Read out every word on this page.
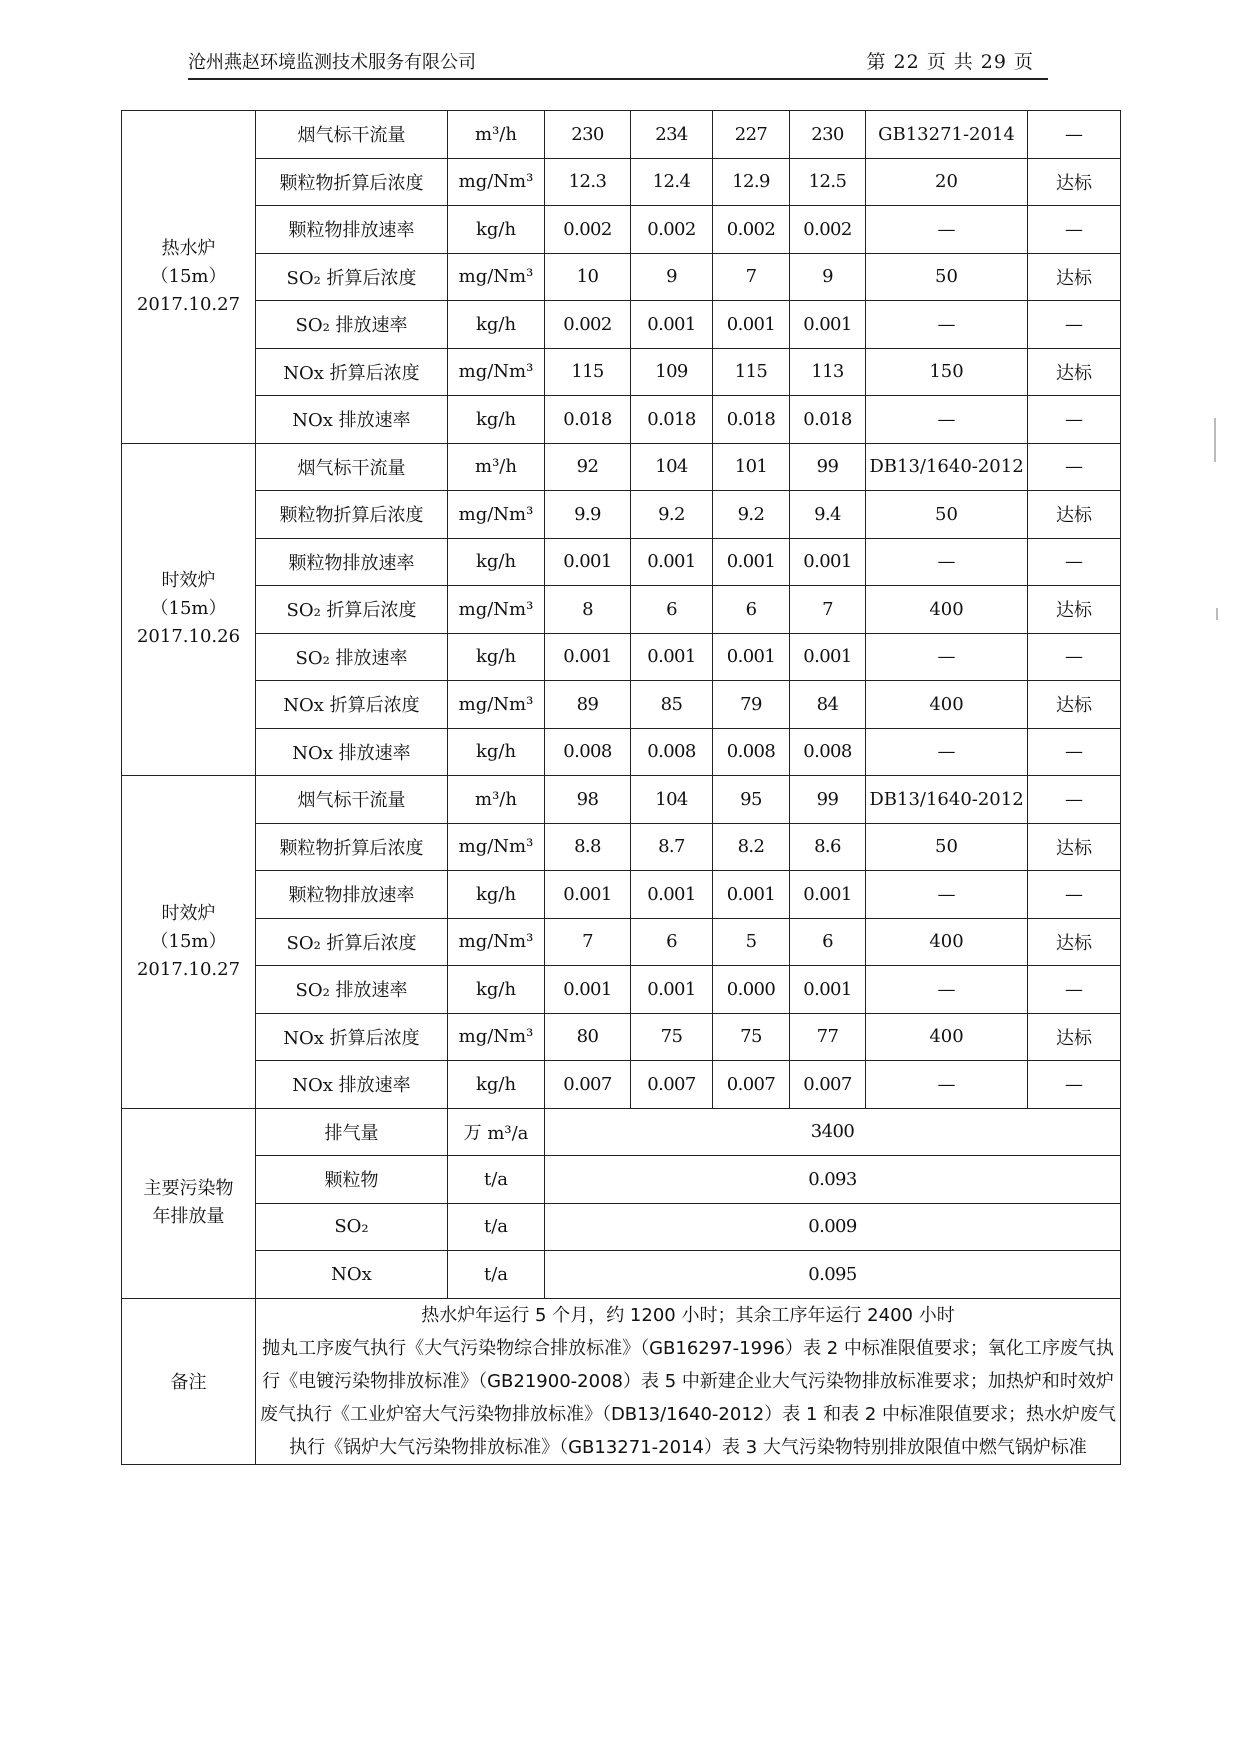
沧州燕赵环境监测技术服务有限公司	第 22 页 共 29 页
热水炉
（15m）
2017.10.27	烟气标干流量	m³/h	230	234	227	230	GB13271-2014	—
	颗粒物折算后浓度	mg/Nm³	12.3	12.4	12.9	12.5	20	达标
	颗粒物排放速率	kg/h	0.002	0.002	0.002	0.002	—	—
	SO₂ 折算后浓度	mg/Nm³	10	9	7	9	50	达标
	SO₂ 排放速率	kg/h	0.002	0.001	0.001	0.001	—	—
	NOx 折算后浓度	mg/Nm³	115	109	115	113	150	达标
	NOx 排放速率	kg/h	0.018	0.018	0.018	0.018	—	—

时效炉
（15m）
2017.10.26	烟气标干流量	m³/h	92	104	101	99	DB13/1640-2012	—
	颗粒物折算后浓度	mg/Nm³	9.9	9.2	9.2	9.4	50	达标
	颗粒物排放速率	kg/h	0.001	0.001	0.001	0.001	—	—
	SO₂ 折算后浓度	mg/Nm³	8	6	6	7	400	达标
	SO₂ 排放速率	kg/h	0.001	0.001	0.001	0.001	—	—
	NOx 折算后浓度	mg/Nm³	89	85	79	84	400	达标
	NOx 排放速率	kg/h	0.008	0.008	0.008	0.008	—	—

时效炉
（15m）
2017.10.27	烟气标干流量	m³/h	98	104	95	99	DB13/1640-2012	—
	颗粒物折算后浓度	mg/Nm³	8.8	8.7	8.2	8.6	50	达标
	颗粒物排放速率	kg/h	0.001	0.001	0.001	0.001	—	—
	SO₂ 折算后浓度	mg/Nm³	7	6	5	6	400	达标
	SO₂ 排放速率	kg/h	0.001	0.001	0.000	0.001	—	—
	NOx 折算后浓度	mg/Nm³	80	75	75	77	400	达标
	NOx 排放速率	kg/h	0.007	0.007	0.007	0.007	—	—

主要污染物
年排放量	排气量	万 m³/a	3400					
	颗粒物	t/a	0.093					
	SO₂	t/a	0.009					
	NOx	t/a	0.095					
备注	热水炉年运行 5 个月，约 1200 小时；其余工序年运行 2400 小时
抛丸工序废气执行《大气污染物综合排放标准》（GB16297-1996）表 2 中标准限值要求；氧化工序废气执行《电镀污染物排放标准》（GB21900-2008）表 5 中新建企业大气污染物排放标准要求；加热炉和时效炉废气执行《工业炉窑大气污染物排放标准》（DB13/1640-2012）表 1 和表 2 中标准限值要求；热水炉废气执行《锅炉大气污染物排放标准》（GB13271-2014）表 3 大气污染物特别排放限值中燃气锅炉标准							
